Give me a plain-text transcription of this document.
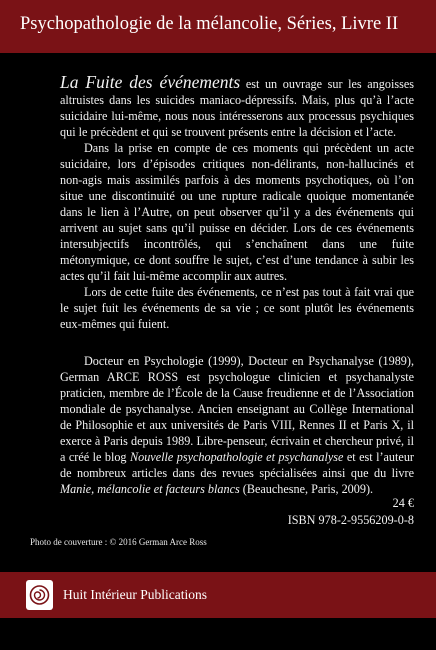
Psychopathologie de la mélancolie, Séries, Livre II

La Fuite des événements est un ouvrage sur les angoisses altruistes dans les suicides maniaco-dépressifs. Mais, plus qu’à l’acte suicidaire lui-même, nous nous intéresserons aux processus psychiques qui le précèdent et qui se trouvent présents entre la décision et l’acte.

Dans la prise en compte de ces moments qui précèdent un acte suicidaire, lors d’épisodes critiques non-délirants, non-hallucinés et non-agis mais assimilés parfois à des moments psychotiques, où l’on situe une discontinuité ou une rupture radicale quoique momentanée dans le lien à l’Autre, on peut observer qu’il y a des événements qui arrivent au sujet sans qu’il puisse en décider. Lors de ces événements intersubjectifs incontrôlés, qui s’enchaînent dans une fuite métonymique, ce dont souffre le sujet, c’est d’une tendance à subir les actes qu’il fait lui-même accomplir aux autres.

Lors de cette fuite des événements, ce n’est pas tout à fait vrai que le sujet fuit les événements de sa vie ; ce sont plutôt les événements eux-mêmes qui fuient.

Docteur en Psychologie (1999), Docteur en Psychanalyse (1989), German ARCE ROSS est psychologue clinicien et psychanalyste praticien, membre de l’École de la Cause freudienne et de l’Association mondiale de psychanalyse. Ancien enseignant au Collège International de Philosophie et aux universités de Paris VIII, Rennes II et Paris X, il exerce à Paris depuis 1989. Libre-penseur, écrivain et chercheur privé, il a créé le blog Nouvelle psychopathologie et psychanalyse et est l’auteur de nombreux articles dans des revues spécialisées ainsi que du livre Manie, mélancolie et facteurs blancs (Beauchesne, Paris, 2009).

24 €
ISBN 978-2-9556209-0-8
Photo de couverture : © 2016 German Arce Ross
Huit Intérieur Publications
